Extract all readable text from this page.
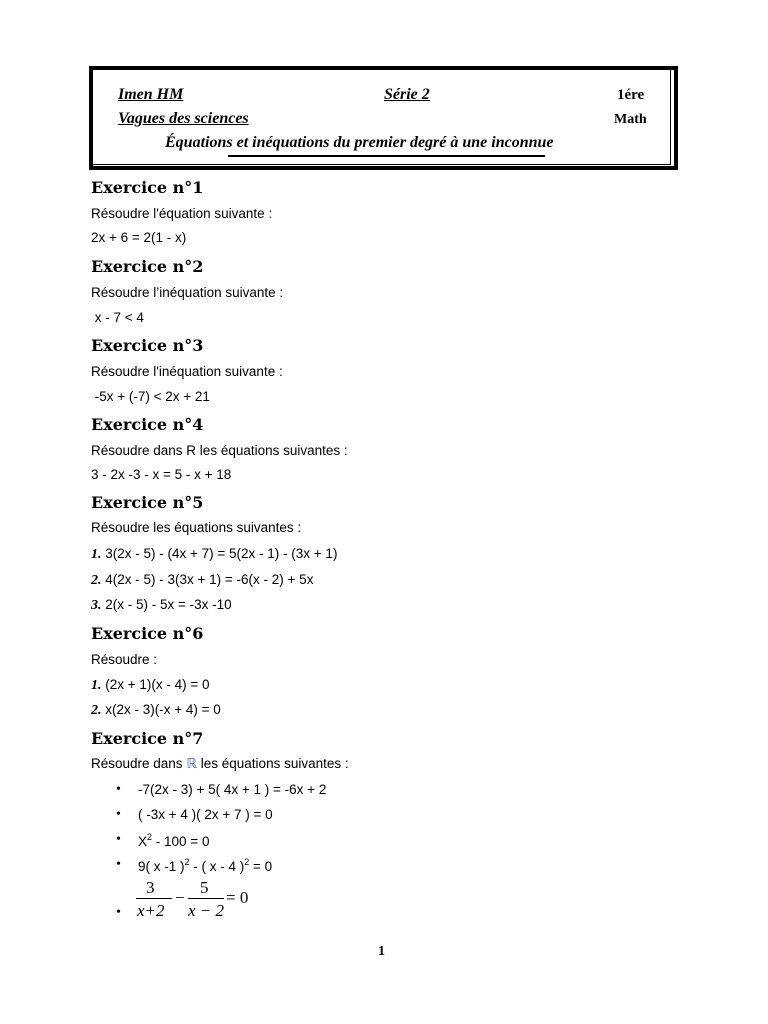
Imen HM	Série 2	1ére
Vagues des sciences	Math
Équations et inéquations du premier degré à une inconnue
Exercice n°1
Résoudre l'équation suivante :
2x + 6 = 2(1 - x)
Exercice n°2
Résoudre l’inéquation suivante :
x - 7 < 4
Exercice n°3
Résoudre l'inéquation suivante :
-5x + (-7) < 2x + 21
Exercice n°4
Résoudre dans R les équations suivantes :
3 - 2x -3 - x = 5 - x + 18
Exercice n°5
Résoudre les équations suivantes :
1. 3(2x - 5) - (4x + 7) = 5(2x - 1) - (3x + 1)
2. 4(2x - 5) - 3(3x + 1) = -6(x - 2) + 5x
3. 2(x - 5) - 5x = -3x -10
Exercice n°6
Résoudre :
1. (2x + 1)(x - 4) = 0
2. x(2x - 3)(-x + 4) = 0
Exercice n°7
Résoudre dans ℝ les équations suivantes :
• -7(2x - 3) + 5( 4x + 1 ) = -6x + 2
• ( -3x + 4 )( 2x + 7 ) = 0
• $X^2 - 100 = 0$
• 9( x -1 )$^2$ - ( x - 4 )$^2$ = 0
•
3
x+2
−
5
x − 2
= 0
1
